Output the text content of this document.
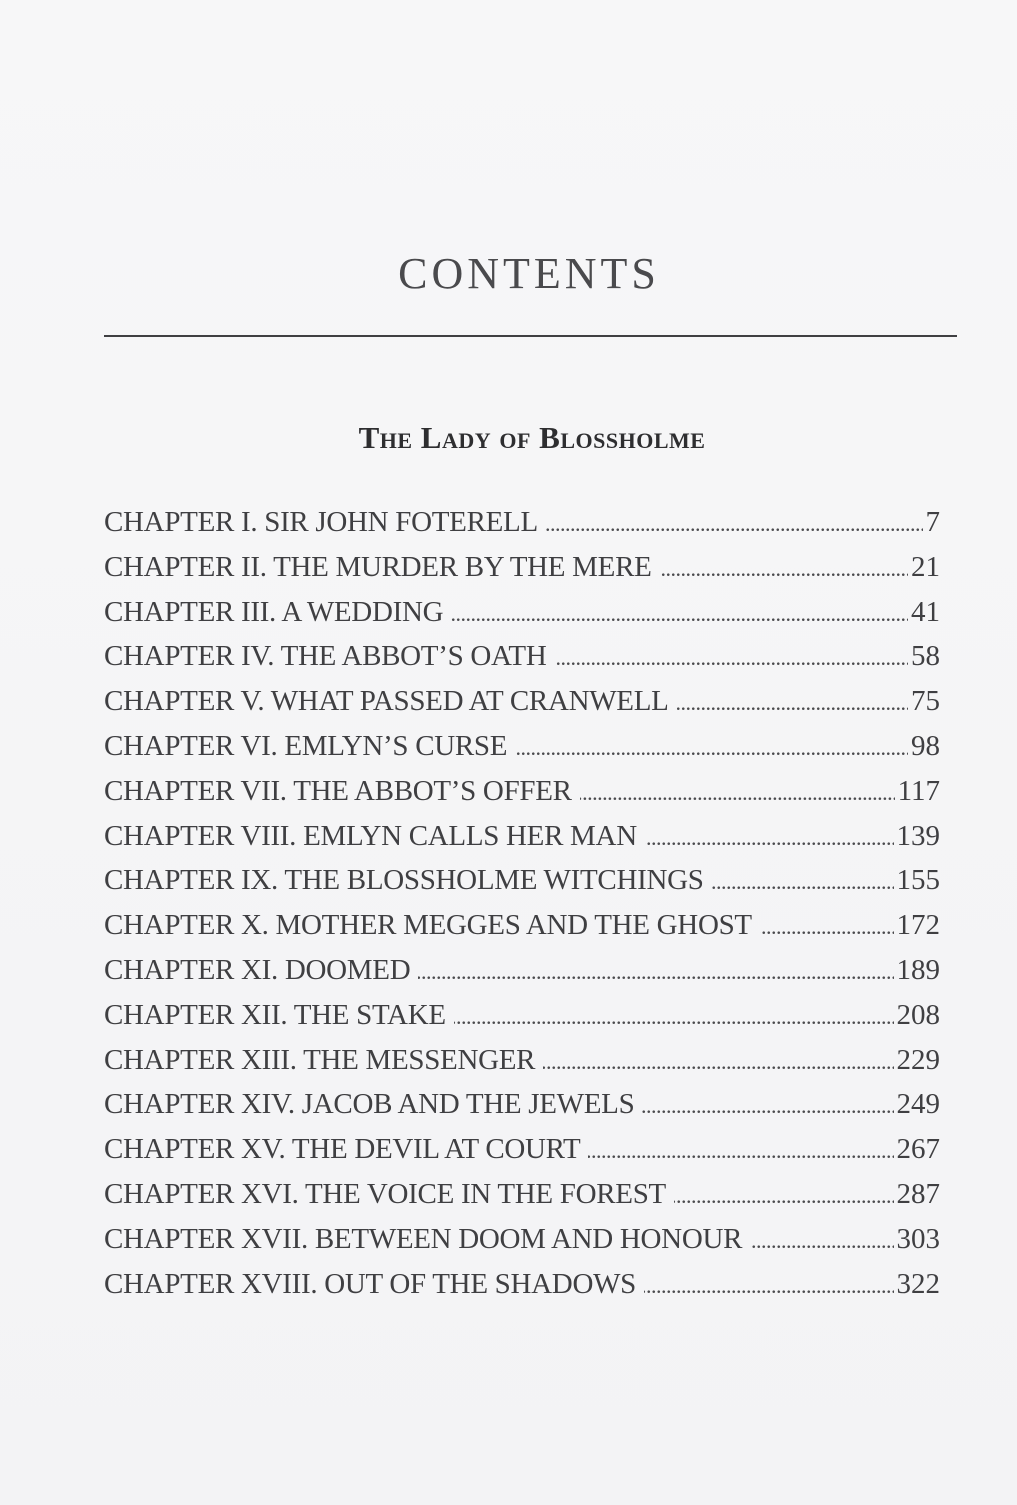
CONTENTS
The Lady of Blossholme
CHAPTER I. SIR JOHN FOTERELL . . .	7
CHAPTER II. THE MURDER BY THE MERE . . .	21
CHAPTER III. A WEDDING . . .	41
CHAPTER IV. THE ABBOT’S OATH . . .	58
CHAPTER V. WHAT PASSED AT CRANWELL . . .	75
CHAPTER VI. EMLYN’S CURSE . . .	98
CHAPTER VII. THE ABBOT’S OFFER . . .	117
CHAPTER VIII. EMLYN CALLS HER MAN . . .	139
CHAPTER IX. THE BLOSSHOLME WITCHINGS . . .	155
CHAPTER X. MOTHER MEGGES AND THE GHOST . . .	172
CHAPTER XI. DOOMED . . .	189
CHAPTER XII. THE STAKE . . .	208
CHAPTER XIII. THE MESSENGER . . .	229
CHAPTER XIV. JACOB AND THE JEWELS . . .	249
CHAPTER XV. THE DEVIL AT COURT . . .	267
CHAPTER XVI. THE VOICE IN THE FOREST . . .	287
CHAPTER XVII. BETWEEN DOOM AND HONOUR . . .	303
CHAPTER XVIII. OUT OF THE SHADOWS . . .	322
